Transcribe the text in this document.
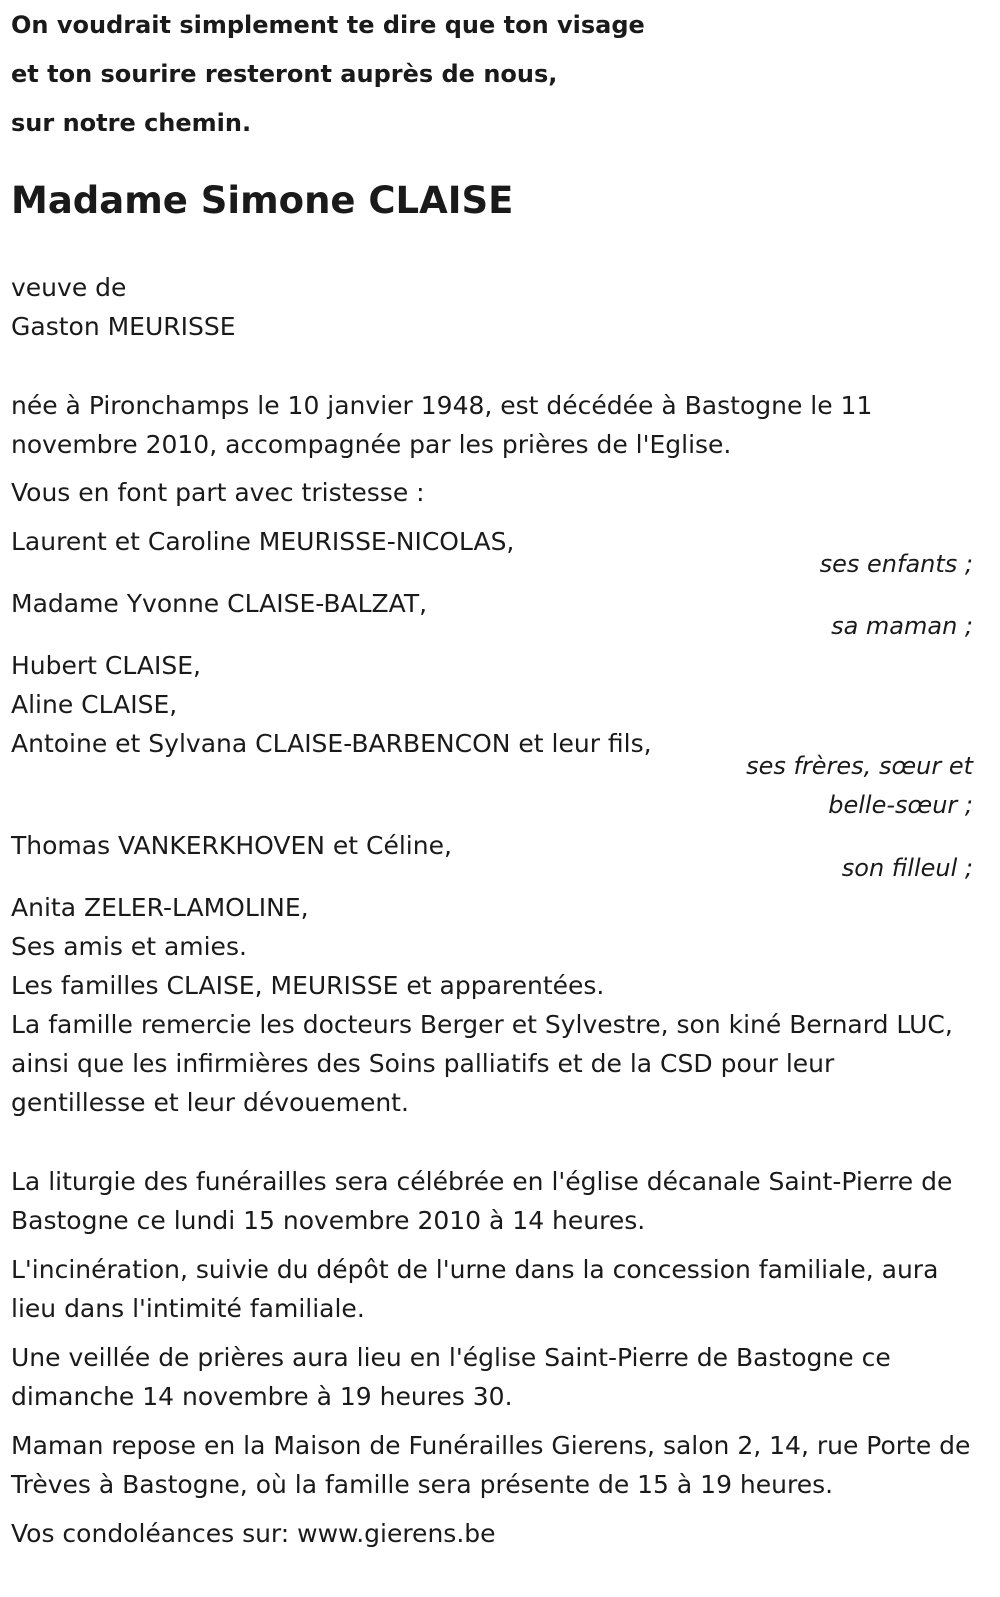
On voudrait simplement te dire que ton visage
et ton sourire resteront auprès de nous,
sur notre chemin.
Madame Simone CLAISE

veuve de

Gaston MEURISSE

née à Pironchamps le 10 janvier 1948, est décédée à Bastogne le 11 novembre 2010, accompagnée par les prières de l'Eglise.

Vous en font part avec tristesse :

Laurent et Caroline MEURISSE-NICOLAS,

ses enfants ;

Madame Yvonne CLAISE-BALZAT,

sa maman ;

Hubert CLAISE,

Aline CLAISE,

Antoine et Sylvana CLAISE-BARBENCON et leur fils,

ses frères, sœur et

belle-sœur ;

Thomas VANKERKHOVEN et Céline,

son filleul ;

Anita ZELER-LAMOLINE,

Ses amis et amies.

Les familles CLAISE, MEURISSE et apparentées.

La famille remercie les docteurs Berger et Sylvestre, son kiné Bernard LUC, ainsi que les infirmières des Soins palliatifs et de la CSD pour leur gentillesse et leur dévouement.

La liturgie des funérailles sera célébrée en l'église décanale Saint-Pierre de Bastogne ce lundi 15 novembre 2010 à 14 heures.

L'incinération, suivie du dépôt de l'urne dans la concession familiale, aura lieu dans l'intimité familiale.

Une veillée de prières aura lieu en l'église Saint-Pierre de Bastogne ce dimanche 14 novembre à 19 heures 30.

Maman repose en la Maison de Funérailles Gierens, salon 2, 14, rue Porte de Trèves à Bastogne, où la famille sera présente de 15 à 19 heures.

Vos condoléances sur: www.gierens.be
